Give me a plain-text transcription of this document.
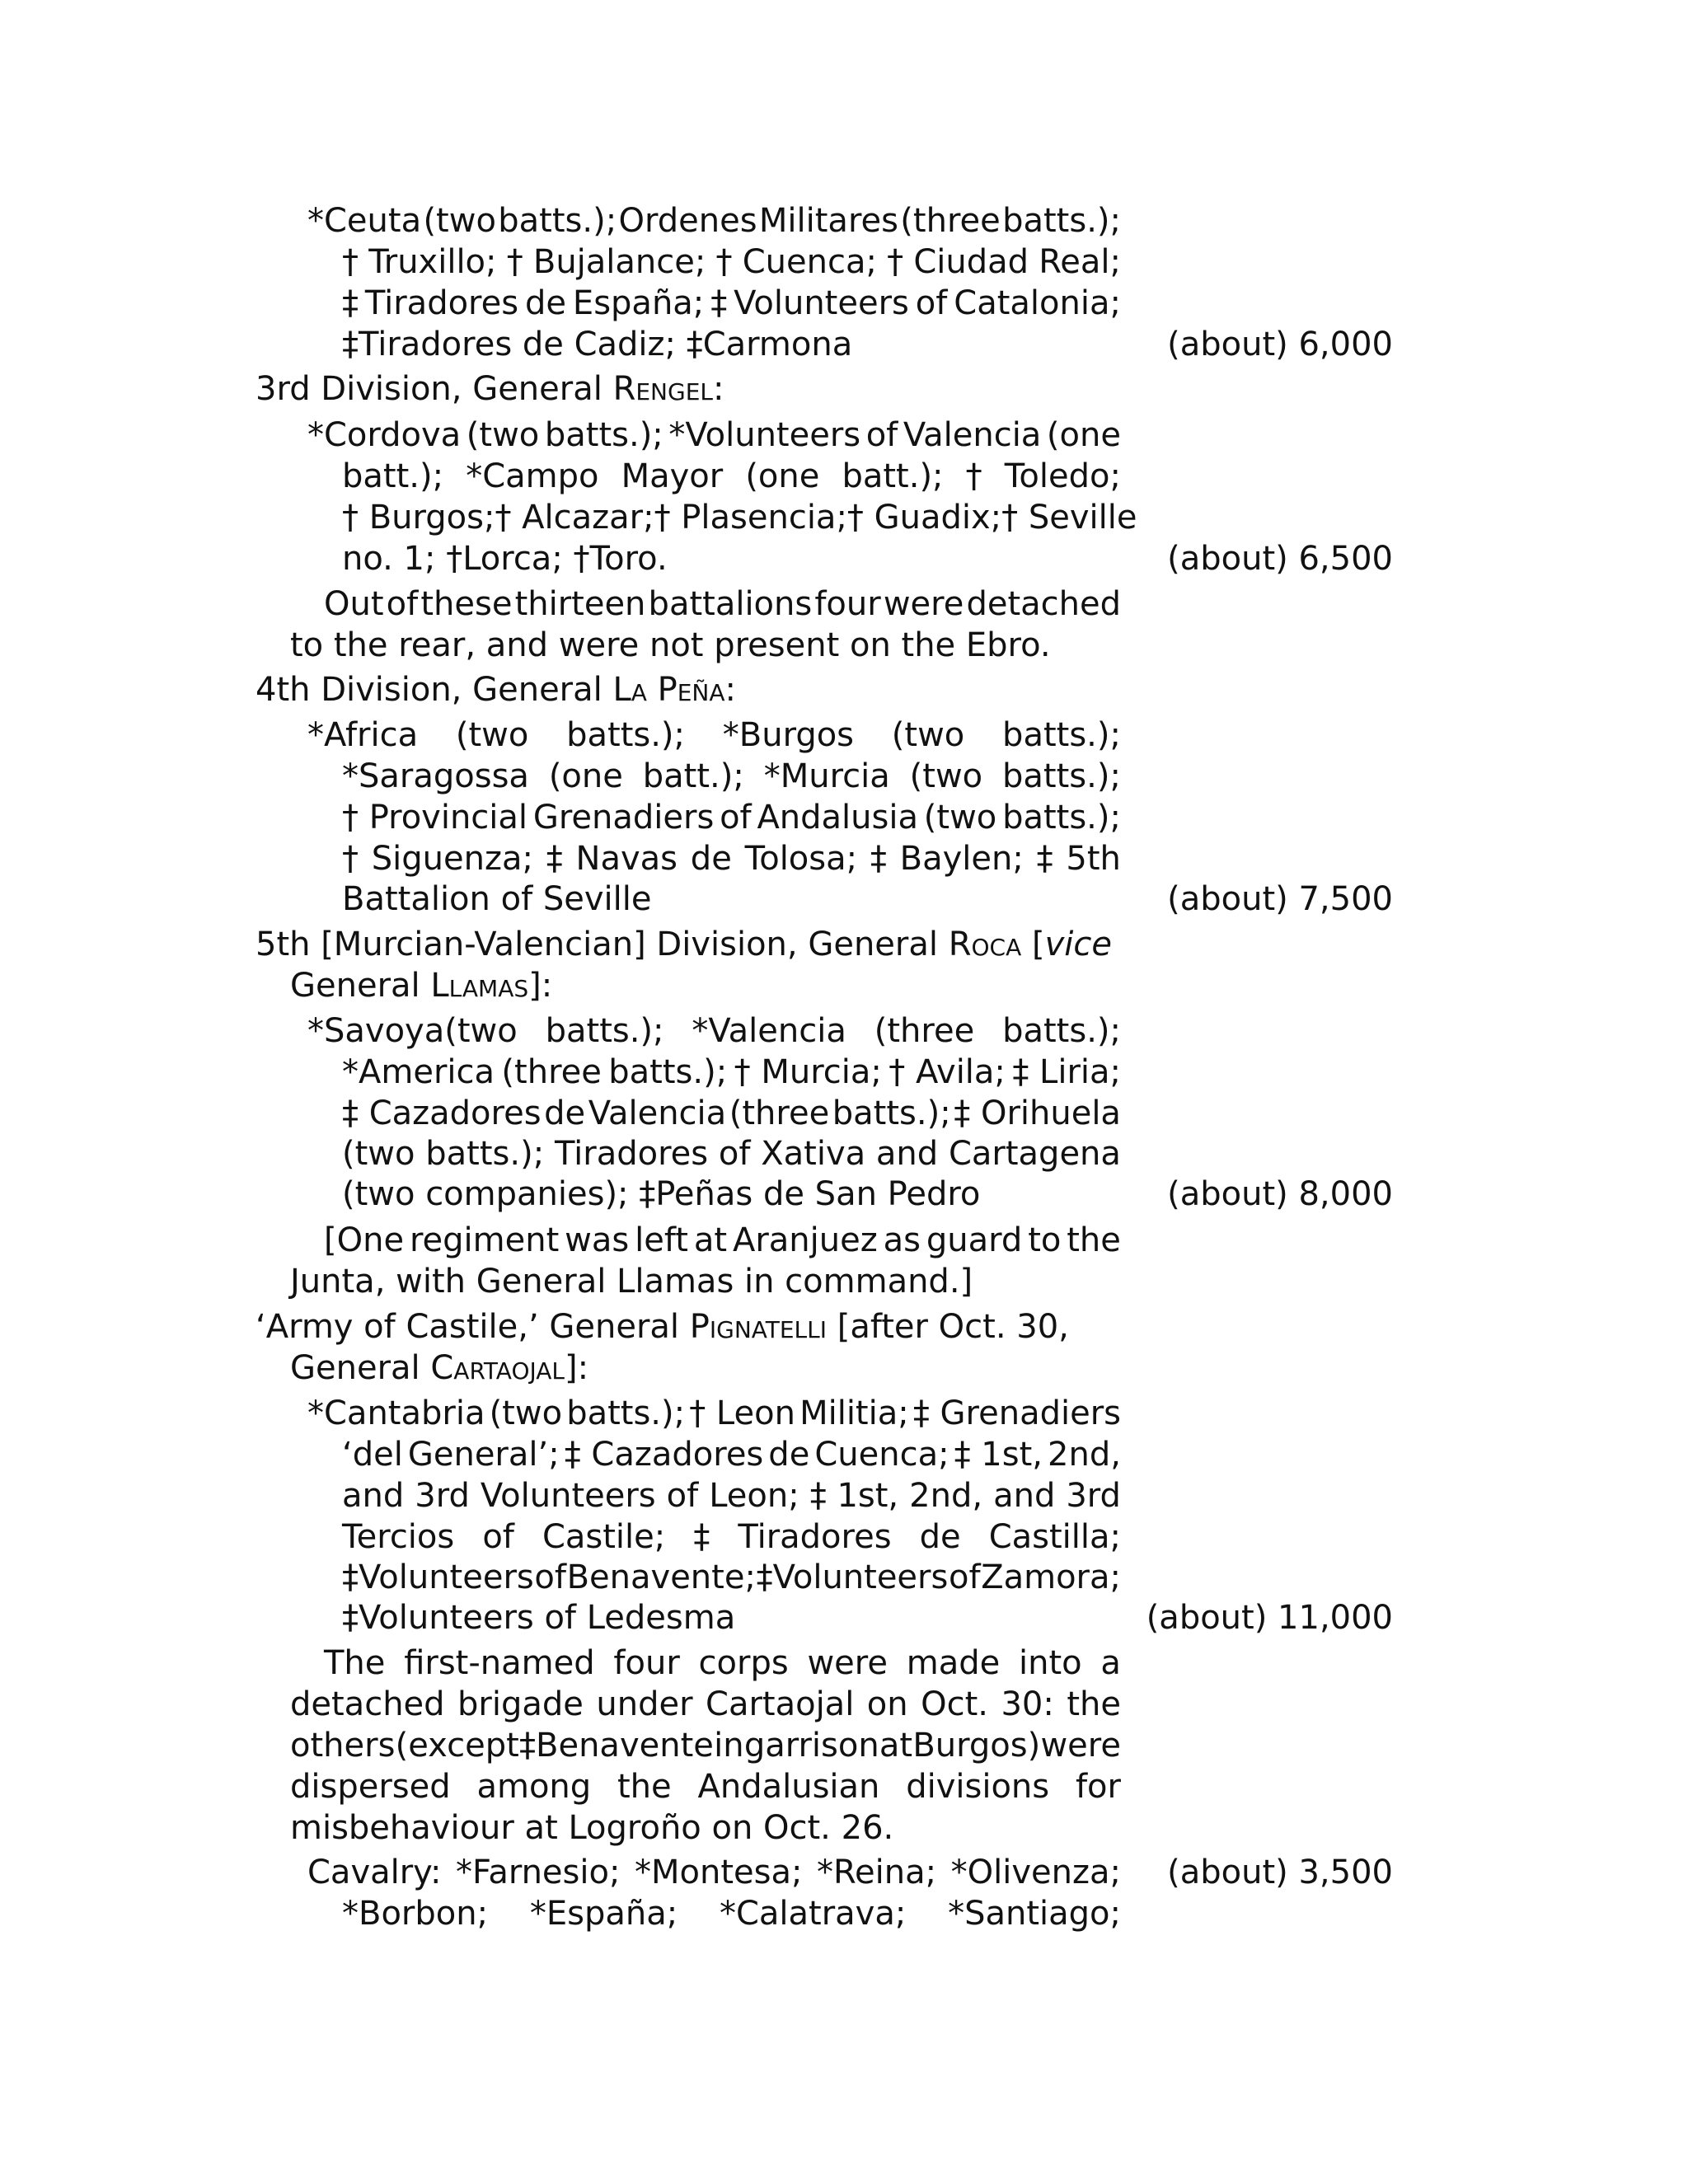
*Ceuta (two batts.); Ordenes Militares (three batts.);
† Truxillo; † Bujalance; † Cuenca; † Ciudad Real;
‡ Tiradores de España; ‡ Volunteers of Catalonia;
‡Tiradores de Cadiz; ‡Carmona
3rd Division, General Rengel:
*Cordova (two batts.); *Volunteers of Valencia (one
batt.); *Campo Mayor (one batt.); † Toledo;
† Burgos; † Alcazar; † Plasencia; † Guadix; † Seville
no. 1; †Lorca; †Toro.
Out of these thirteen battalions four were detached
to the rear, and were not present on the Ebro.
4th Division, General La Peña:
*Africa (two batts.); *Burgos (two batts.);
*Saragossa (one batt.); *Murcia (two batts.);
† Provincial Grenadiers of Andalusia (two batts.);
† Siguenza; ‡ Navas de Tolosa; ‡ Baylen; ‡ 5th
Battalion of Seville
5th [Murcian-Valencian] Division, General Roca [vice
General Llamas]:
*Savoya(two batts.); *Valencia (three batts.);
*America (three batts.); † Murcia; † Avila; ‡ Liria;
‡ Cazadores de Valencia (three batts.); ‡ Orihuela
(two batts.); Tiradores of Xativa and Cartagena
(two companies); ‡Peñas de San Pedro
[One regiment was left at Aranjuez as guard to the
Junta, with General Llamas in command.]
‘Army of Castile,’ General Pignatelli [after Oct. 30,
General Cartaojal]:
*Cantabria (two batts.); † Leon Militia; ‡ Grenadiers
‘del General’; ‡ Cazadores de Cuenca; ‡ 1st, 2nd,
and 3rd Volunteers of Leon; ‡ 1st, 2nd, and 3rd
Tercios of Castile; ‡ Tiradores de Castilla;
‡Volunteers of Benavente; ‡Volunteers of Zamora;
‡Volunteers of Ledesma
The first-named four corps were made into a
detached brigade under Cartaojal on Oct. 30: the
others (except ‡Benavente in garrison at Burgos) were
dispersed among the Andalusian divisions for
misbehaviour at Logroño on Oct. 26.
Cavalry: *Farnesio; *Montesa; *Reina; *Olivenza;
*Borbon; *España; *Calatrava; *Santiago;
(about) 6,000
(about) 6,500
(about) 7,500
(about) 8,000
(about) 11,000
(about) 3,500
